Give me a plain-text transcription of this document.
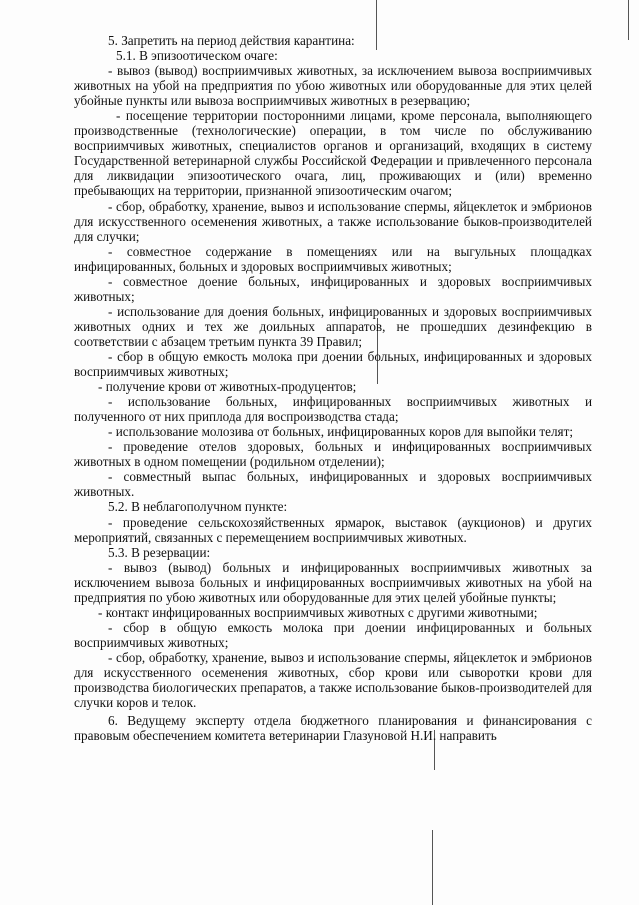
5. Запретить на период действия карантина:

5.1. В эпизоотическом очаге:

- вывоз (вывод) восприимчивых животных, за исключением вывоза восприимчивых животных на убой на предприятия по убою животных или оборудованные для этих целей убойные пункты или вывоза восприимчивых животных в резервацию;

- посещение территории посторонними лицами, кроме персонала, выполняющего производственные (технологические) операции, в том числе по обслуживанию восприимчивых животных, специалистов органов и организаций, входящих в систему Государственной ветеринарной службы Российской Федерации и привлеченного персонала для ликвидации эпизоотического очага, лиц, проживающих и (или) временно пребывающих на территории, признанной эпизоотическим очагом;

- сбор, обработку, хранение, вывоз и использование спермы, яйцеклеток и эмбрионов для искусственного осеменения животных, а также использование быков-производителей для случки;

- совместное содержание в помещениях или на выгульных площадках инфицированных, больных и здоровых восприимчивых животных;

- совместное доение больных, инфицированных и здоровых восприимчивых животных;

- использование для доения больных, инфицированных и здоровых восприимчивых животных одних и тех же доильных аппаратов, не прошедших дезинфекцию в соответствии с абзацем третьим пункта 39 Правил;

- сбор в общую емкость молока при доении больных, инфицированных и здоровых восприимчивых животных;

- получение крови от животных-продуцентов;

- использование больных, инфицированных восприимчивых животных и полученного от них приплода для воспроизводства стада;

- использование молозива от больных, инфицированных коров для выпойки телят;

- проведение отелов здоровых, больных и инфицированных восприимчивых животных в одном помещении (родильном отделении);

- совместный выпас больных, инфицированных и здоровых восприимчивых животных.

5.2. В неблагополучном пункте:

- проведение сельскохозяйственных ярмарок, выставок (аукционов) и других мероприятий, связанных с перемещением восприимчивых животных.

5.3. В резервации:

- вывоз (вывод) больных и инфицированных восприимчивых животных за исключением вывоза больных и инфицированных восприимчивых животных на убой на предприятия по убою животных или оборудованные для этих целей убойные пункты;

- контакт инфицированных восприимчивых животных с другими животными;

- сбор в общую емкость молока при доении инфицированных и больных восприимчивых животных;

- сбор, обработку, хранение, вывоз и использование спермы, яйцеклеток и эмбрионов для искусственного осеменения животных, сбор крови или сыворотки крови для производства биологических препаратов, а также использование быков-производителей для случки коров и телок.

6. Ведущему эксперту отдела бюджетного планирования и финансирования с правовым обеспечением комитета ветеринарии Глазуновой Н.И. направить
